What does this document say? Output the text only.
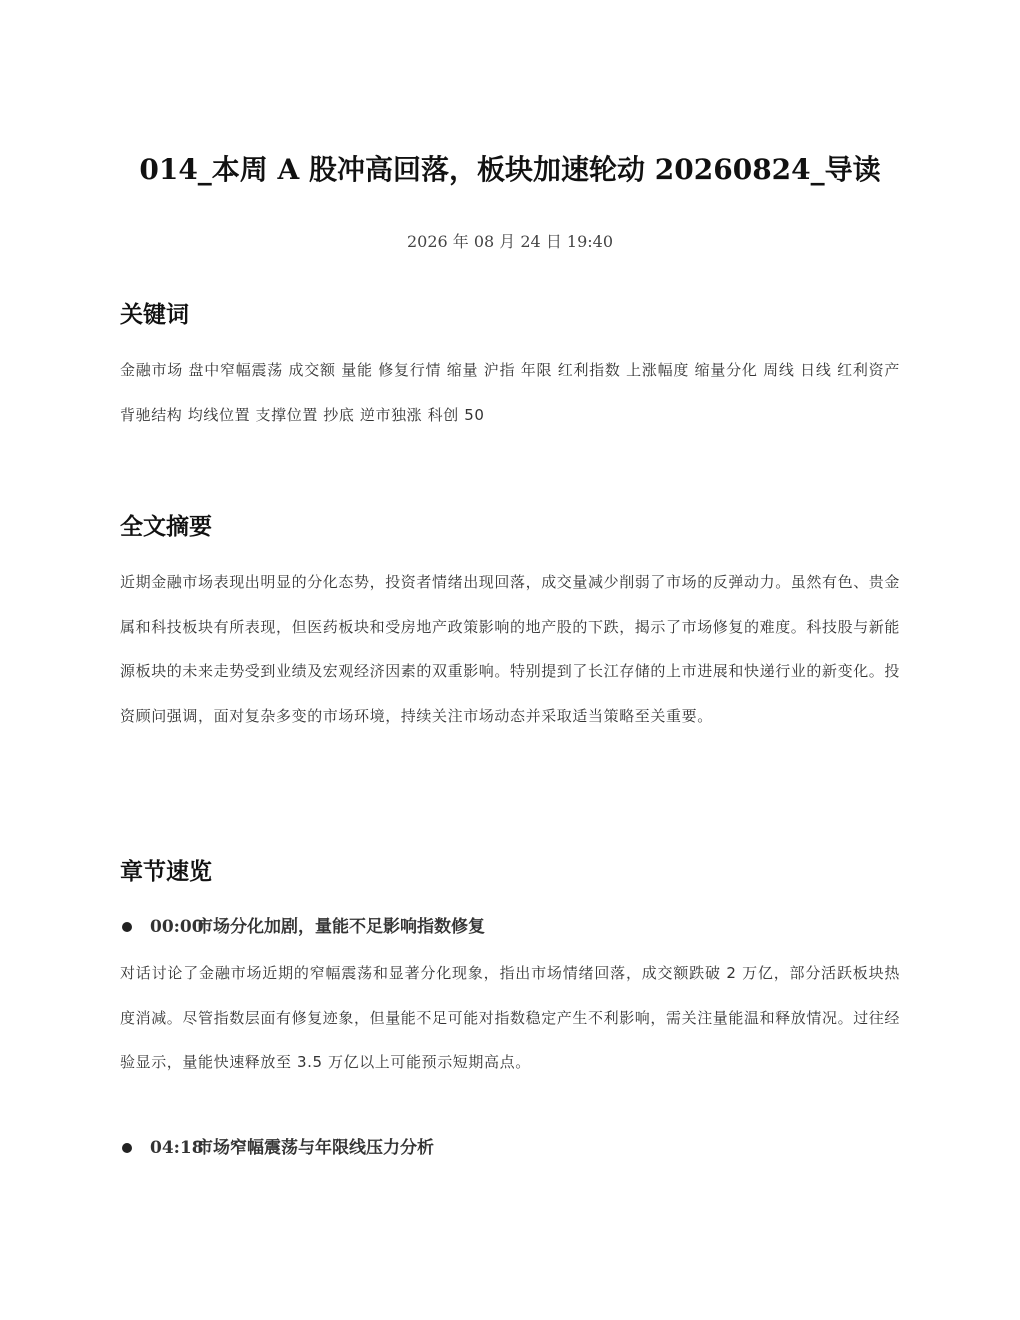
014_本周 A 股冲高回落，板块加速轮动 20260824_导读
2026 年 08 月 24 日 19:40
关键词

金融市场 盘中窄幅震荡 成交额 量能 修复行情 缩量 沪指 年限 红利指数 上涨幅度 缩量分化 周线 日线 红利资产 背驰结构 均线位置 支撑位置 抄底 逆市独涨 科创 50

全文摘要

近期金融市场表现出明显的分化态势，投资者情绪出现回落，成交量减少削弱了市场的反弹动力。虽然有色、贵金属和科技板块有所表现，但医药板块和受房地产政策影响的地产股的下跌，揭示了市场修复的难度。科技股与新能源板块的未来走势受到业绩及宏观经济因素的双重影响。特别提到了长江存储的上市进展和快递行业的新变化。投资顾问强调，面对复杂多变的市场环境，持续关注市场动态并采取适当策略至关重要。

章节速览
00:00
市场分化加剧，量能不足影响指数修复

对话讨论了金融市场近期的窄幅震荡和显著分化现象，指出市场情绪回落，成交额跌破 2 万亿，部分活跃板块热度消减。尽管指数层面有修复迹象，但量能不足可能对指数稳定产生不利影响，需关注量能温和释放情况。过往经验显示，量能快速释放至 3.5 万亿以上可能预示短期高点。

04:18
市场窄幅震荡与年限线压力分析
